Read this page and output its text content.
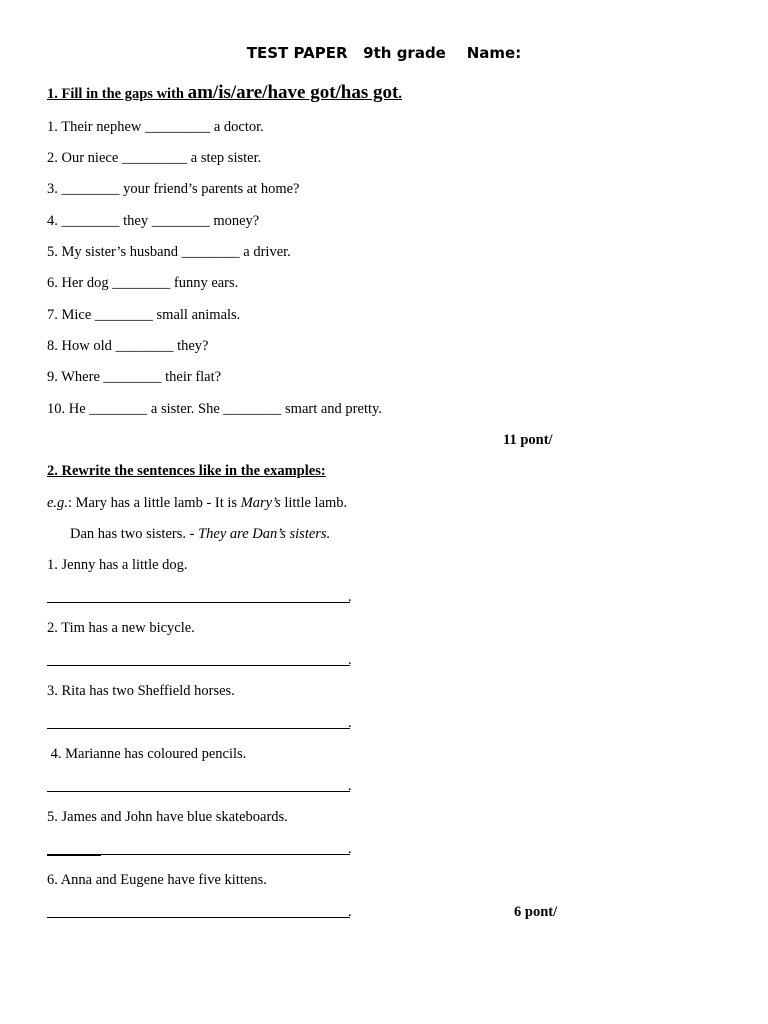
TEST PAPER   9th grade    Name:
1. Fill in the gaps with am/is/are/have got/has got.
1. Their nephew _________ a doctor.
2. Our niece _________ a step sister.
3. ________ your friend’s parents at home?
4. ________ they ________ money?
5. My sister’s husband ________ a driver.
6. Her dog ________ funny ears.
7. Mice ________ small animals.
8. How old ________ they?
9. Where ________ their flat?
10. He ________ a sister. She ________ smart and pretty.
11 pont/
2. Rewrite the sentences like in the examples:
e.g.: Mary has a little lamb - It is Mary’s little lamb.
Dan has two sisters. - They are Dan’s sisters.
1. Jenny has a little dog.
.
2. Tim has a new bicycle.
.
3. Rita has two Sheffield horses.
.
4. Marianne has coloured pencils.
.
5. James and John have blue skateboards.
.
6. Anna and Eugene have five kittens.
.	6 pont/
